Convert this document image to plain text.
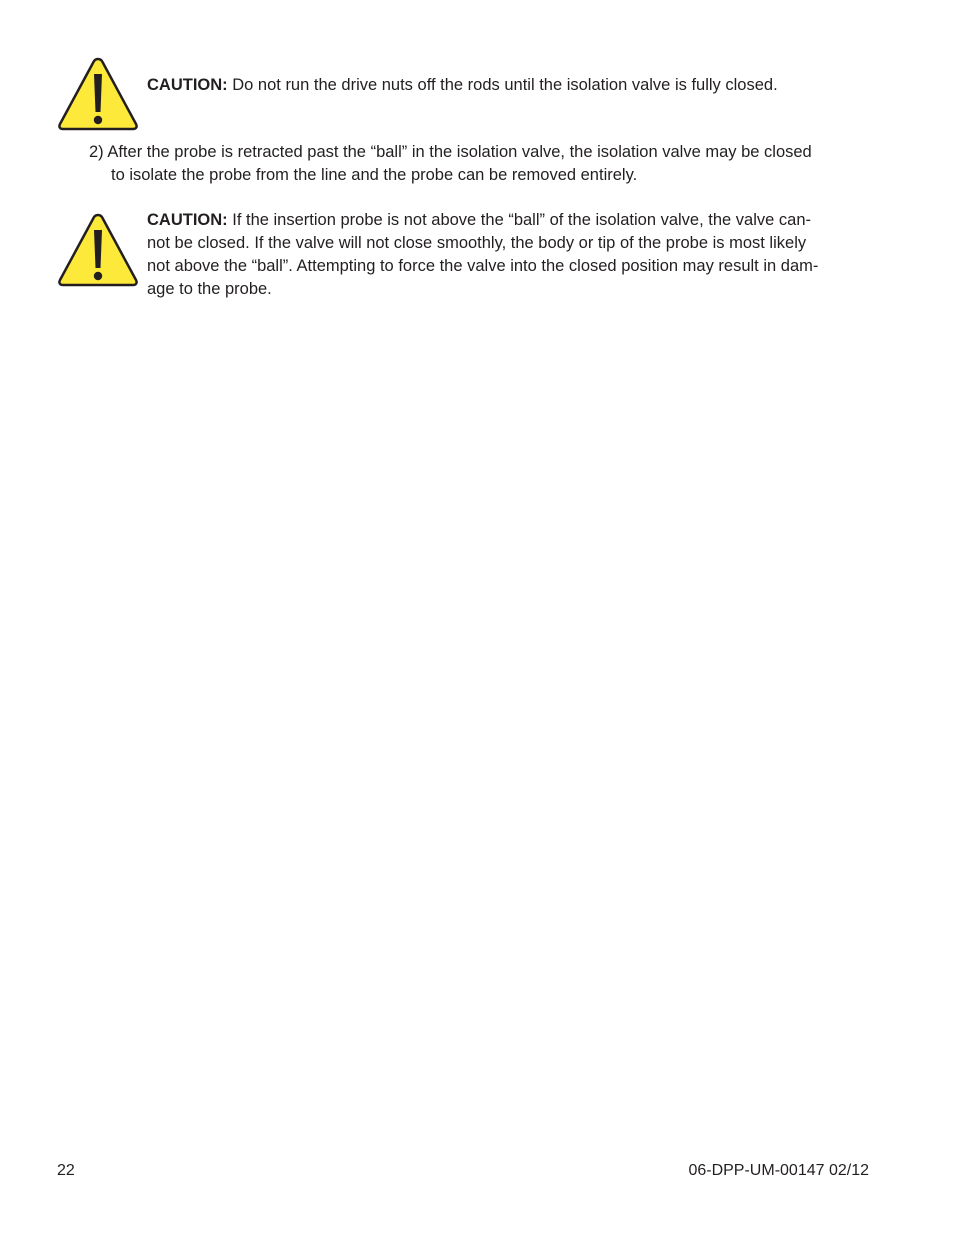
CAUTION: Do not run the drive nuts off the rods until the isolation valve is fully closed.
2) After the probe is retracted past the “ball” in the isolation valve, the isolation valve may be closed
to isolate the probe from the line and the probe can be removed entirely.
CAUTION: If the insertion probe is not above the “ball” of the isolation valve, the valve can-
not be closed. If the valve will not close smoothly, the body or tip of the probe is most likely
not above the “ball”. Attempting to force the valve into the closed position may result in dam-
age to the probe.
22	06-DPP-UM-00147 02/12
